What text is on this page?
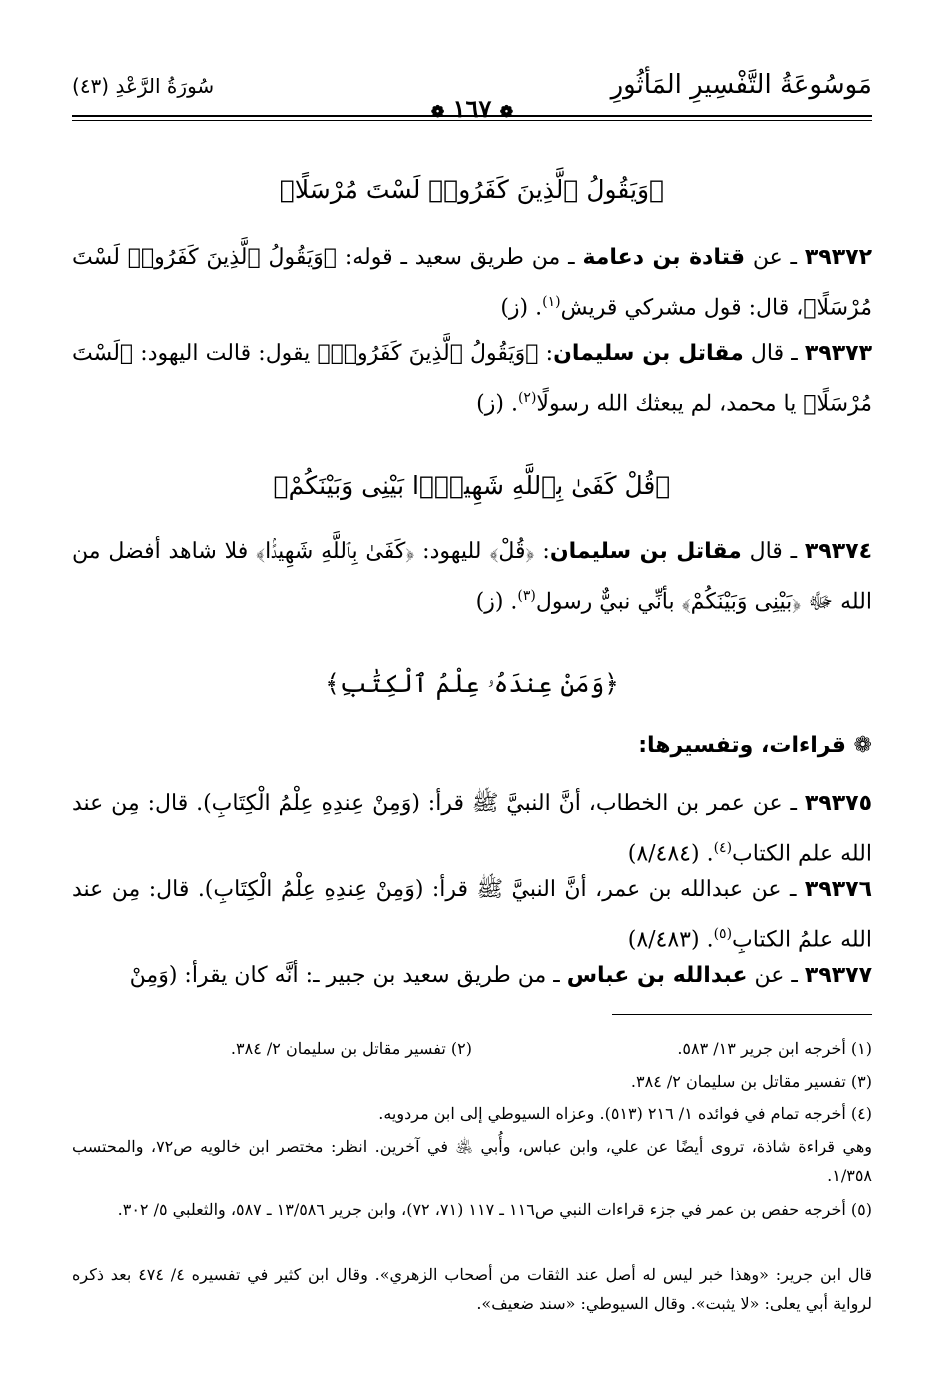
مَوسُوعَةُ التَّفْسِيرِ المَأثُورِ
سُورَةُ الرَّعْدِ (٤٣)
❁ ١٦٧ ❁
﴿وَيَقُولُ ٱلَّذِينَ كَفَرُوا۟ لَسْتَ مُرْسَلًا﴾
٣٩٣٧٢ ـ عن قتادة بن دعامة ـ من طريق سعيد ـ قوله: ﴿وَيَقُولُ ٱلَّذِينَ كَفَرُوا۟ لَسْتَ مُرْسَلًا﴾، قال: قول مشركي قريش$^{(١)}$. (ز)
٣٩٣٧٣ ـ قال مقاتل بن سليمان: ﴿وَيَقُولُ ٱلَّذِينَ كَفَرُوا۟﴾ يقول: قالت اليهود: ﴿لَسْتَ مُرْسَلًا﴾ يا محمد، لم يبعثك الله رسولًا$^{(٢)}$. (ز)
﴿قُلْ كَفَىٰ بِٱللَّهِ شَهِيدًۢا بَيْنِى وَبَيْنَكُمْ﴾
٣٩٣٧٤ ـ قال مقاتل بن سليمان: ﴿قُلْ﴾ لليهود: ﴿كَفَىٰ بِٱللَّهِ شَهِيدًۢا﴾ فلا شاهد أفضل من الله ﷻ ﴿بَيْنِى وَبَيْنَكُمْ﴾ بأنِّي نبيٌّ رسول$^{(٣)}$. (ز)
﴿وَمَنْ عِندَهُۥ عِلْمُ ٱلْكِتَٰبِ﴾
❁ قراءات، وتفسيرها:
٣٩٣٧٥ ـ عن عمر بن الخطاب، أنَّ النبيَّ ﷺ قرأ: (وَمِنْ عِندِهِ عِلْمُ الْكِتَابِ). قال: مِن عند الله علم الكتاب$^{(٤)}$. (٨/٤٨٤)
٣٩٣٧٦ ـ عن عبدالله بن عمر، أنَّ النبيَّ ﷺ قرأ: (وَمِنْ عِندِهِ عِلْمُ الْكِتَابِ). قال: مِن عند الله علمُ الكتابِ$^{(٥)}$. (٨/٤٨٣)
٣٩٣٧٧ ـ عن عبدالله بن عباس ـ من طريق سعيد بن جبير ـ: أنَّه كان يقرأ: (وَمِنْ
(١) أخرجه ابن جرير ١٣/ ٥٨٣.(٢) تفسير مقاتل بن سليمان ٢/ ٣٨٤.
(٣) تفسير مقاتل بن سليمان ٢/ ٣٨٤.
(٤) أخرجه تمام في فوائده ١/ ٢١٦ (٥١٣). وعزاه السيوطي إلى ابن مردويه.
وهي قراءة شاذة، تروى أيضًا عن علي، وابن عباس، وأُبي ﵁ في آخرين. انظر: مختصر ابن خالويه ص٧٢، والمحتسب ١/٣٥٨.
(٥) أخرجه حفص بن عمر في جزء قراءات النبي ص١١٦ ـ ١١٧ (٧١، ٧٢)، وابن جرير ١٣/٥٨٦ ـ ٥٨٧، والثعلبي ٥/ ٣٠٢.
قال ابن جرير: «وهذا خبر ليس له أصل عند الثقات من أصحاب الزهري». وقال ابن كثير في تفسيره ٤/ ٤٧٤ بعد ذكره لرواية أبي يعلى: «لا يثبت». وقال السيوطي: «سند ضعيف».
